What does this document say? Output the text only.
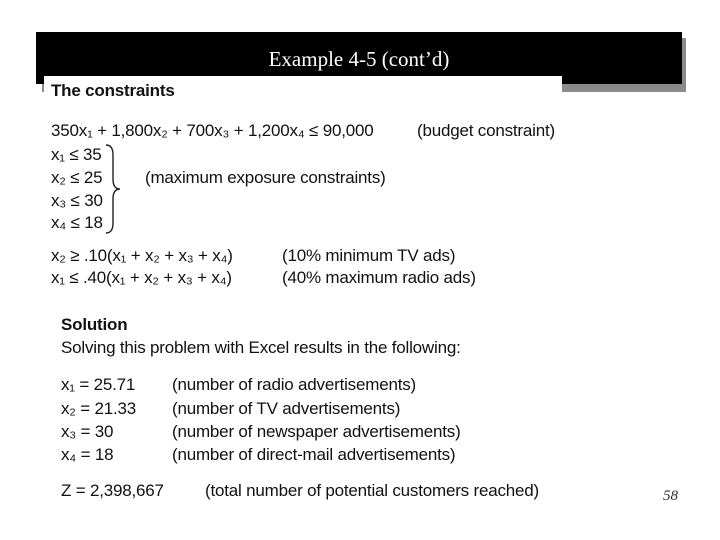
Example 4-5 (cont’d)
The constraints
350x₁ + 1,800x₂ + 700x₃ + 1,200x₄ ≤ 90,000	(budget constraint)
x₁ ≤ 35
x₂ ≤ 25
x₃ ≤ 30
x₄ ≤ 18
(maximum exposure constraints)
x₂ ≥ .10(x₁ + x₂ + x₃ + x₄)	(10% minimum TV ads)
x₁ ≤ .40(x₁ + x₂ + x₃ + x₄)	(40% maximum radio ads)
Solution
Solving this problem with Excel results in the following:
x₁ = 25.71 (number of radio advertisements)
x₂ = 21.33 (number of TV advertisements)
x₃ = 30	(number of newspaper advertisements)
x₄ = 18	(number of direct-mail advertisements)
Z = 2,398,667 (total number of potential customers reached)	58
